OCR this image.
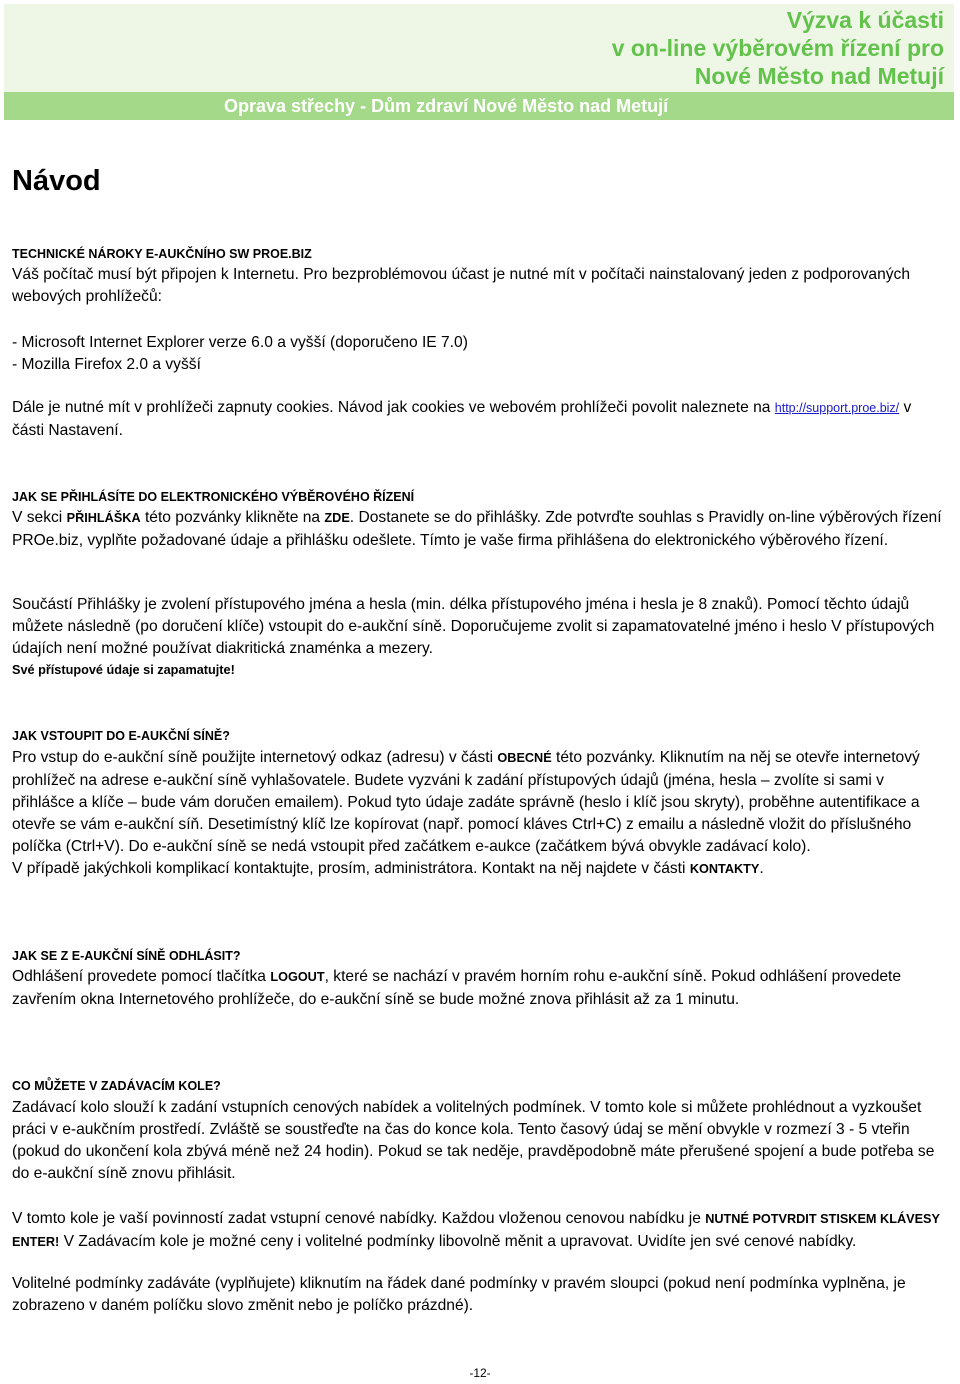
Výzva k účasti
v on-line výběrovém řízení pro
Nové Město nad Metují
Oprava střechy - Dům zdraví Nové Město nad Metují
Návod
TECHNICKÉ NÁROKY E-AUKČNÍHO SW PROE.BIZ
Váš počítač musí být připojen k Internetu. Pro bezproblémovou účast je nutné mít v počítači nainstalovaný jeden z podporovaných webových prohlížečů:
- Microsoft Internet Explorer verze 6.0 a vyšší (doporučeno IE 7.0)
- Mozilla Firefox 2.0 a vyšší
Dále je nutné mít v prohlížeči zapnuty cookies. Návod jak cookies ve webovém prohlížeči povolit naleznete na http://support.proe.biz/ v části Nastavení.
JAK SE PŘIHLÁSÍTE DO ELEKTRONICKÉHO VÝBĚROVÉHO ŘÍZENÍ
V sekci PŘIHLÁŠKA této pozvánky klikněte na ZDE. Dostanete se do přihlášky. Zde potvrďte souhlas s Pravidly on-line výběrových řízení PROe.biz, vyplňte požadované údaje a přihlášku odešlete. Tímto je vaše firma přihlášena do elektronického výběrového řízení.
Součástí Přihlášky je zvolení přístupového jména a hesla (min. délka přístupového jména i hesla je 8 znaků). Pomocí těchto údajů můžete následně (po doručení klíče) vstoupit do e-aukční síně. Doporučujeme zvolit si zapamatovatelné jméno i heslo V přístupových údajích není možné používat diakritická znaménka a mezery.
Své přístupové údaje si zapamatujte!
JAK VSTOUPIT DO E-AUKČNÍ SÍNĚ?
Pro vstup do e-aukční síně použijte internetový odkaz (adresu) v části OBECNÉ této pozvánky. Kliknutím na něj se otevře internetový prohlížeč na adrese e-aukční síně vyhlašovatele. Budete vyzváni k zadání přístupových údajů (jména, hesla – zvolíte si sami v přihlášce a klíče – bude vám doručen emailem). Pokud tyto údaje zadáte správně (heslo i klíč jsou skryty), proběhne autentifikace a otevře se vám e-aukční síň. Desetimístný klíč lze kopírovat (např. pomocí kláves Ctrl+C) z emailu a následně vložit do příslušného políčka (Ctrl+V). Do e-aukční síně se nedá vstoupit před začátkem e-aukce (začátkem bývá obvykle zadávací kolo).
V případě jakýchkoli komplikací kontaktujte, prosím, administrátora. Kontakt na něj najdete v části KONTAKTY.
JAK SE Z E-AUKČNÍ SÍNĚ ODHLÁSIT?
Odhlášení provedete pomocí tlačítka LOGOUT, které se nachází v pravém horním rohu e-aukční síně. Pokud odhlášení provedete zavřením okna Internetového prohlížeče, do e-aukční síně se bude možné znova přihlásit až za 1 minutu.
CO MŮŽETE V ZADÁVACÍM KOLE?
Zadávací kolo slouží k zadání vstupních cenových nabídek a volitelných podmínek. V tomto kole si můžete prohlédnout a vyzkoušet práci v e-aukčním prostředí. Zvláště se soustřeďte na čas do konce kola. Tento časový údaj se mění obvykle v rozmezí 3 - 5 vteřin (pokud do ukončení kola zbývá méně než 24 hodin). Pokud se tak neděje, pravděpodobně máte přerušené spojení a bude potřeba se do e-aukční síně znovu přihlásit.
V tomto kole je vaší povinností zadat vstupní cenové nabídky. Každou vloženou cenovou nabídku je NUTNÉ POTVRDIT STISKEM KLÁVESY ENTER! V Zadávacím kole je možné ceny i volitelné podmínky libovolně měnit a upravovat. Uvidíte jen své cenové nabídky.
Volitelné podmínky zadáváte (vyplňujete) kliknutím na řádek dané podmínky v pravém sloupci (pokud není podmínka vyplněna, je zobrazeno v daném políčku slovo změnit nebo je políčko prázdné).
-12-
